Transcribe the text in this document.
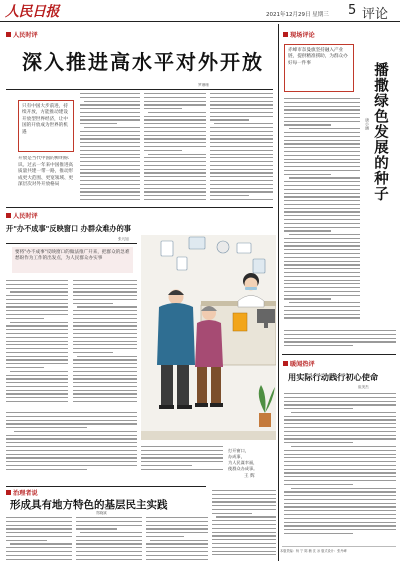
人民日报	2021年12月29日 星期三 5 评论
人民时评
深入推进高水平对外开放
罗珊珊
只有中国大步前进，持续开放，方能推动建设开放型世界经济，让中国的开放成为世界的机遇
开放是当代中国的鲜明标识。过去一年来中国推进高质量共建一带一路，推动形成更大范围、更宽领域、更深层次对外开放格局
人民时评
开"办不成事"反映窗口 办群众难办的事
张凡旭
要将"办不成事"反映窗口的做法推广开来，把群众的急难愁盼作为工作的出发点，为人民群众办实事
打开窗口，
办成事，
为人民谋幸福，
使群众办成事。
王 辉
治理者说
形成具有地方特色的基层民主实践
郑晓斌
现场评论
赤峰市奈曼旗坚持融入产业链，提供精准援助，为群众办好每一件事	播撒绿色发展的种子
唐小涵
暖闻热评
用实际行动践行初心使命
崔美杰
本版责编：杨 宁 陈 楠 沈 冰 版式设计：张丹峰
